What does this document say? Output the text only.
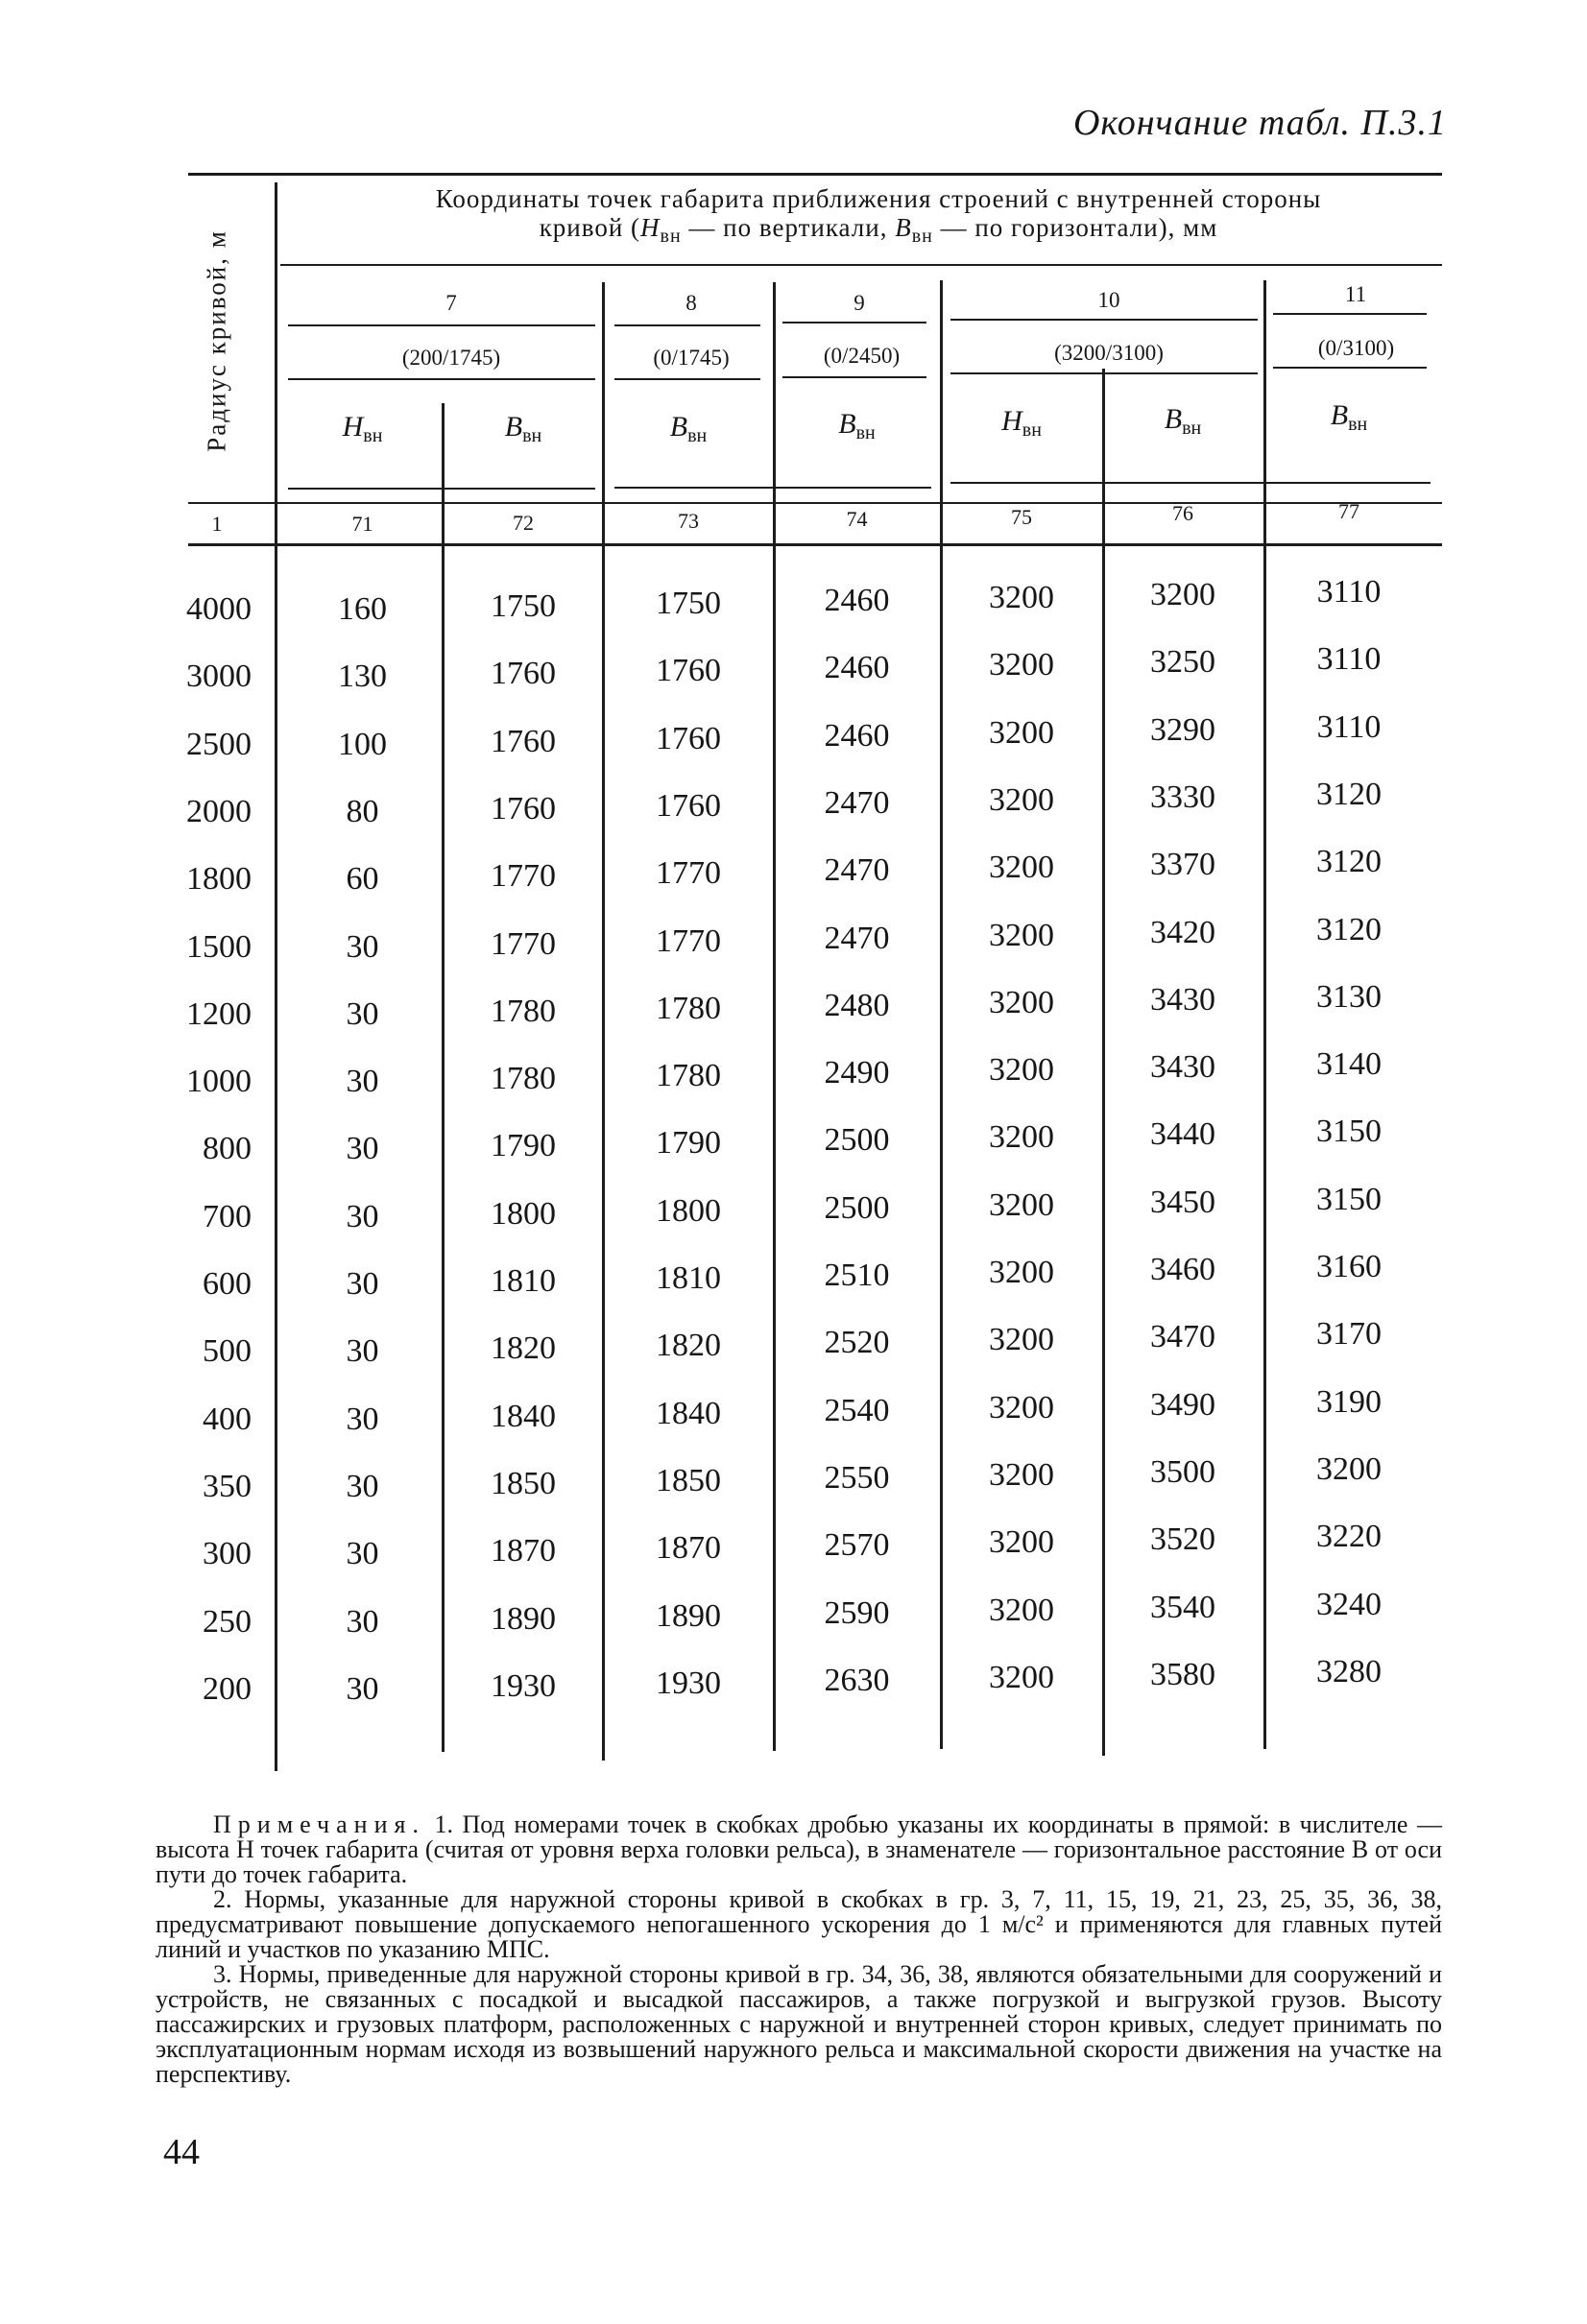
Окончание табл. П.3.1
Координаты точек габарита приближения строений с внутренней стороны
кривой ($H_{вн}$ — по вертикали, $B_{вн}$ — по горизонтали), мм
Радиус кривой, м	7	8	9	10	11
(200/1745)	(0/1745)	(0/2450)	(3200/3100)	(0/3100)
$H_{вн}$	$B_{вн}$	$B_{вн}$	$B_{вн}$	$H_{вн}$	$B_{вн}$	$B_{вн}$
1	71	72	73	74	75	76	77
4000	160	1750	1750	2460	3200	3200	3110
3000	130	1760	1760	2460	3200	3250	3110
2500	100	1760	1760	2460	3200	3290	3110
2000	80	1760	1760	2470	3200	3330	3120
1800	60	1770	1770	2470	3200	3370	3120
1500	30	1770	1770	2470	3200	3420	3120
1200	30	1780	1780	2480	3200	3430	3130
1000	30	1780	1780	2490	3200	3430	3140
800	30	1790	1790	2500	3200	3440	3150
700	30	1800	1800	2500	3200	3450	3150
600	30	1810	1810	2510	3200	3460	3160
500	30	1820	1820	2520	3200	3470	3170
400	30	1840	1840	2540	3200	3490	3190
350	30	1850	1850	2550	3200	3500	3200
300	30	1870	1870	2570	3200	3520	3220
250	30	1890	1890	2590	3200	3540	3240
200	30	1930	1930	2630	3200	3580	3280

Примечания. 1. Под номерами точек в скобках дробью указаны их координаты в прямой: в числителе — высота H точек габарита (считая от уровня верха головки рельса), в знаменателе — горизонтальное расстояние B от оси пути до точек габарита.

2. Нормы, указанные для наружной стороны кривой в скобках в гр. 3, 7, 11, 15, 19, 21, 23, 25, 35, 36, 38, предусматривают повышение допускаемого непогашенного ускорения до 1 м/с² и применяются для главных путей линий и участков по указанию МПС.

3. Нормы, приведенные для наружной стороны кривой в гр. 34, 36, 38, являются обязательными для сооружений и устройств, не связанных с посадкой и высадкой пассажиров, а также погрузкой и выгрузкой грузов. Высоту пассажирских и грузовых платформ, расположенных с наружной и внутренней сторон кривых, следует принимать по эксплуатационным нормам исходя из возвышений наружного рельса и максимальной скорости движения на участке на перспективу.

44
